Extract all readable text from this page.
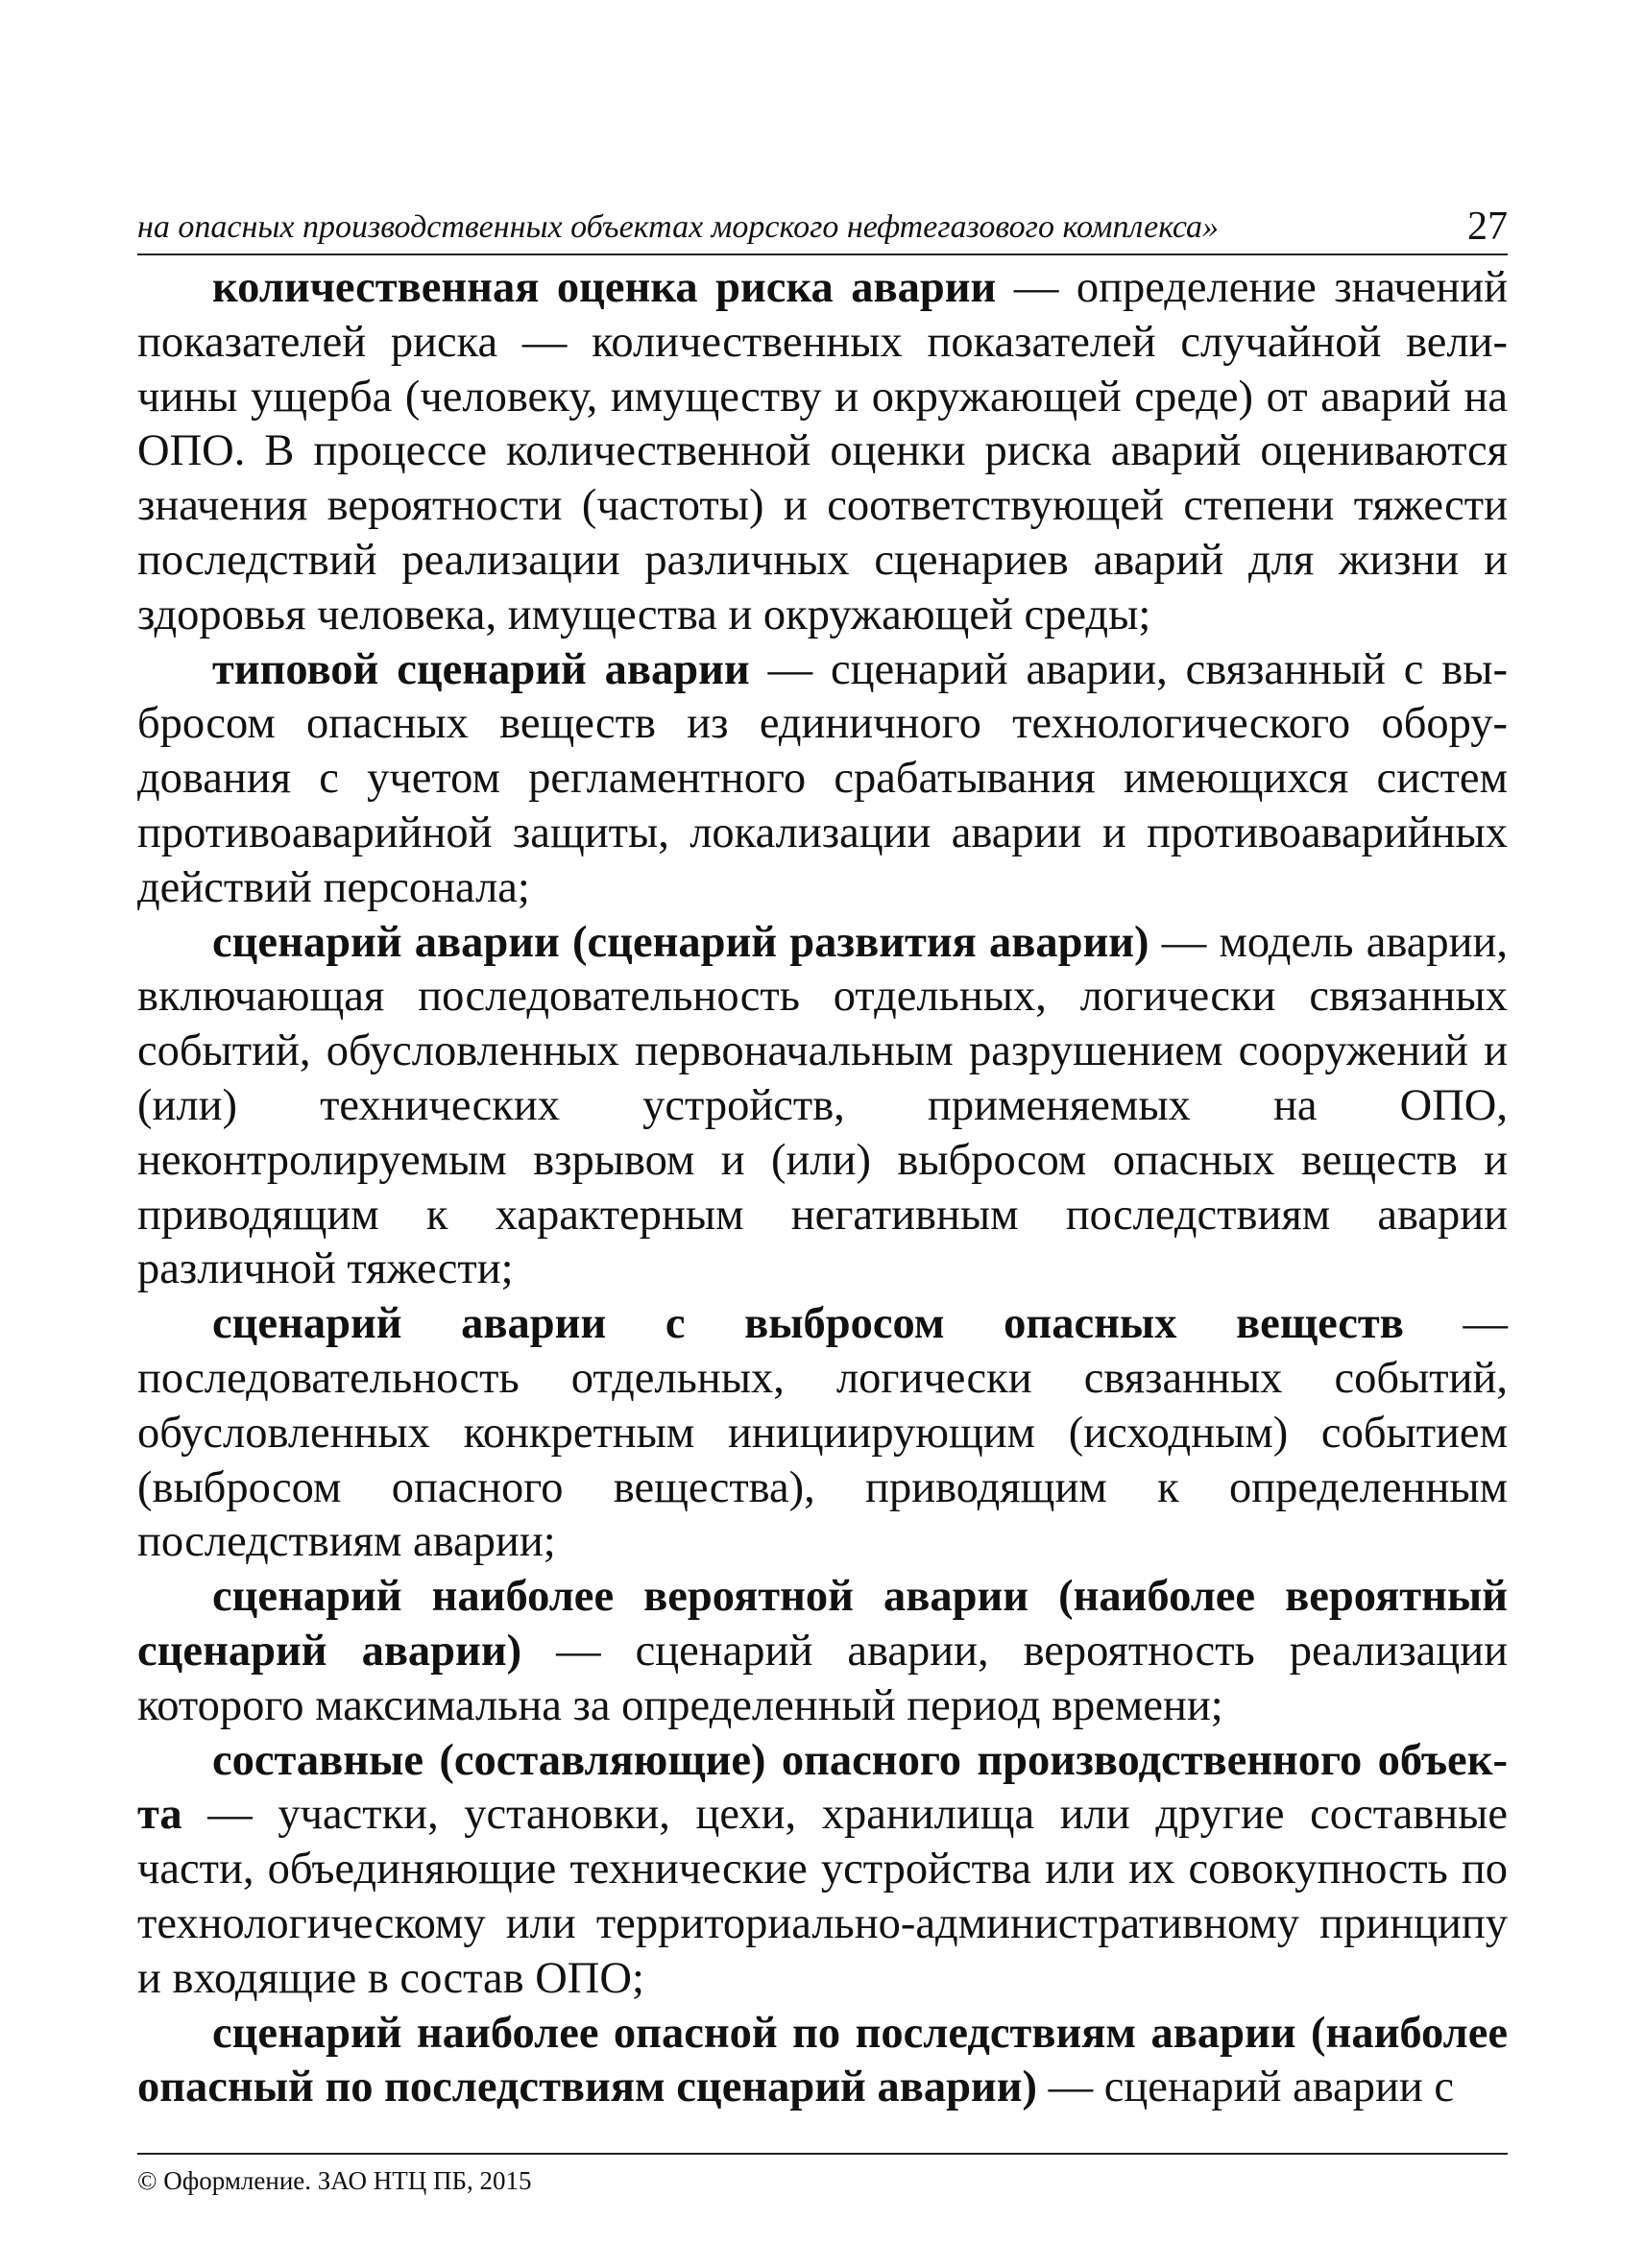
на опасных производственных объектах морского нефтегазового комплекса»	27

количественная оценка риска аварии — определение значений показателей риска — количественных показателей случайной величины ущерба (человеку, имуществу и окружающей среде) от аварий на ОПО. В процессе количественной оценки риска аварий оцениваются значения вероятности (частоты) и соответствующей степени тяжести последствий реализации различных сценариев аварий для жизни и здоровья человека, имущества и окружающей среды;

типовой сценарий аварии — сценарий аварии, связанный с выбросом опасных веществ из единичного технологического оборудования с учетом регламентного срабатывания имеющихся систем противоаварийной защиты, локализации аварии и противоаварийных действий персонала;

сценарий аварии (сценарий развития аварии) — модель аварии, включающая последовательность отдельных, логически связанных событий, обусловленных первоначальным разрушением сооружений и (или) технических устройств, применяемых на ОПО, неконтролируемым взрывом и (или) выбросом опасных веществ и приводящим к характерным негативным последствиям аварии различной тяжести;

сценарий аварии с выбросом опасных веществ — последовательность отдельных, логически связанных событий, обусловленных конкретным инициирующим (исходным) событием (выбросом опасного вещества), приводящим к определенным последствиям аварии;

сценарий наиболее вероятной аварии (наиболее вероятный сценарий аварии) — сценарий аварии, вероятность реализации которого максимальна за определенный период времени;

составные (составляющие) опасного производственного объекта — участки, установки, цехи, хранилища или другие составные части, объединяющие технические устройства или их совокупность по технологическому или территориально-административному принципу и входящие в состав ОПО;

сценарий наиболее опасной по последствиям аварии (наиболее опасный по последствиям сценарий аварии) — сценарий аварии с

© Оформление. ЗАО НТЦ ПБ, 2015
